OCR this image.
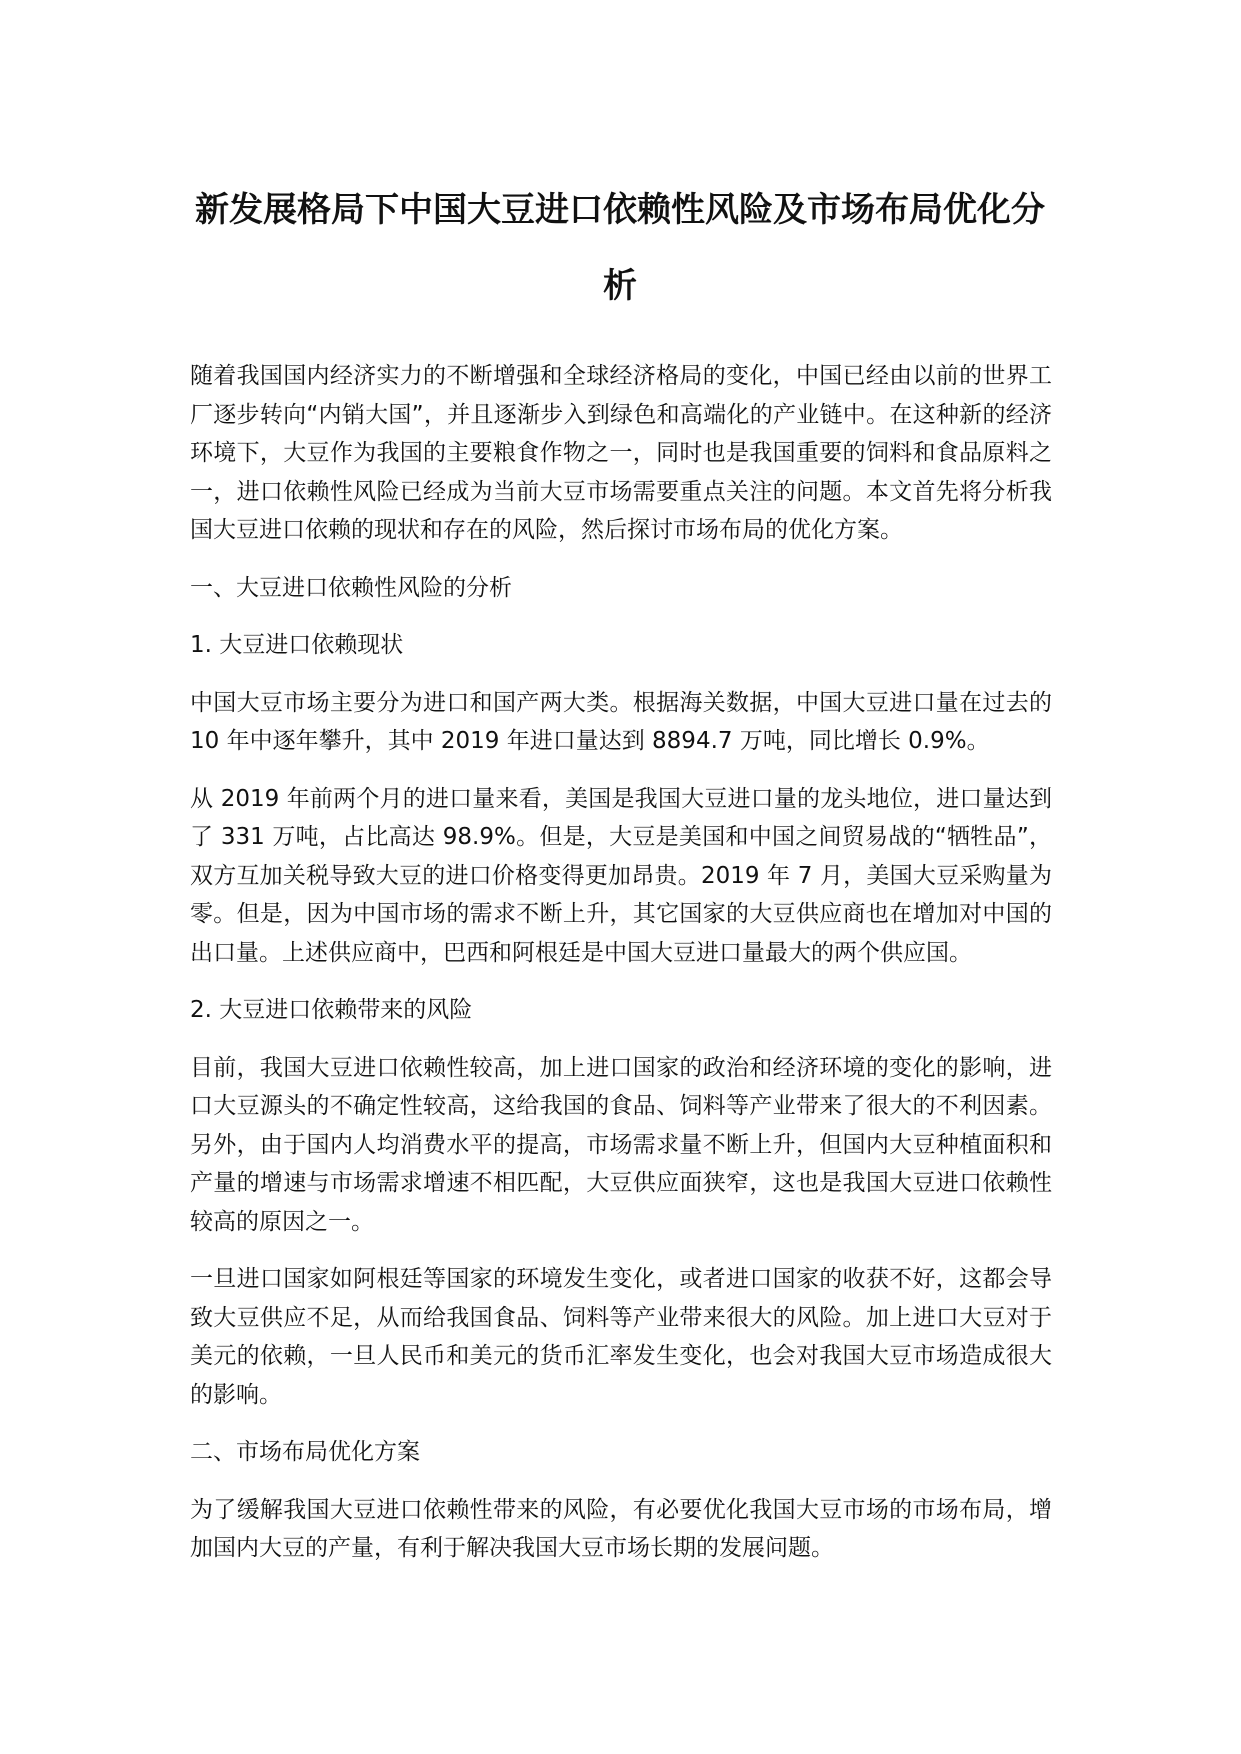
新发展格局下中国大豆进口依赖性风险及市场布局优化分析

随着我国国内经济实力的不断增强和全球经济格局的变化，中国已经由以前的世界工厂逐步转向“内销大国”，并且逐渐步入到绿色和高端化的产业链中。在这种新的经济环境下，大豆作为我国的主要粮食作物之一，同时也是我国重要的饲料和食品原料之一，进口依赖性风险已经成为当前大豆市场需要重点关注的问题。本文首先将分析我国大豆进口依赖的现状和存在的风险，然后探讨市场布局的优化方案。

一、大豆进口依赖性风险的分析

1. 大豆进口依赖现状

中国大豆市场主要分为进口和国产两大类。根据海关数据，中国大豆进口量在过去的 10 年中逐年攀升，其中 2019 年进口量达到 8894.7 万吨，同比增长 0.9%。

从 2019 年前两个月的进口量来看，美国是我国大豆进口量的龙头地位，进口量达到了 331 万吨，占比高达 98.9%。但是，大豆是美国和中国之间贸易战的“牺牲品”，双方互加关税导致大豆的进口价格变得更加昂贵。2019 年 7 月，美国大豆采购量为零。但是，因为中国市场的需求不断上升，其它国家的大豆供应商也在增加对中国的出口量。上述供应商中，巴西和阿根廷是中国大豆进口量最大的两个供应国。

2. 大豆进口依赖带来的风险

目前，我国大豆进口依赖性较高，加上进口国家的政治和经济环境的变化的影响，进口大豆源头的不确定性较高，这给我国的食品、饲料等产业带来了很大的不利因素。另外，由于国内人均消费水平的提高，市场需求量不断上升，但国内大豆种植面积和产量的增速与市场需求增速不相匹配，大豆供应面狭窄，这也是我国大豆进口依赖性较高的原因之一。

一旦进口国家如阿根廷等国家的环境发生变化，或者进口国家的收获不好，这都会导致大豆供应不足，从而给我国食品、饲料等产业带来很大的风险。加上进口大豆对于美元的依赖，一旦人民币和美元的货币汇率发生变化，也会对我国大豆市场造成很大的影响。

二、市场布局优化方案

为了缓解我国大豆进口依赖性带来的风险，有必要优化我国大豆市场的市场布局，增加国内大豆的产量，有利于解决我国大豆市场长期的发展问题。
